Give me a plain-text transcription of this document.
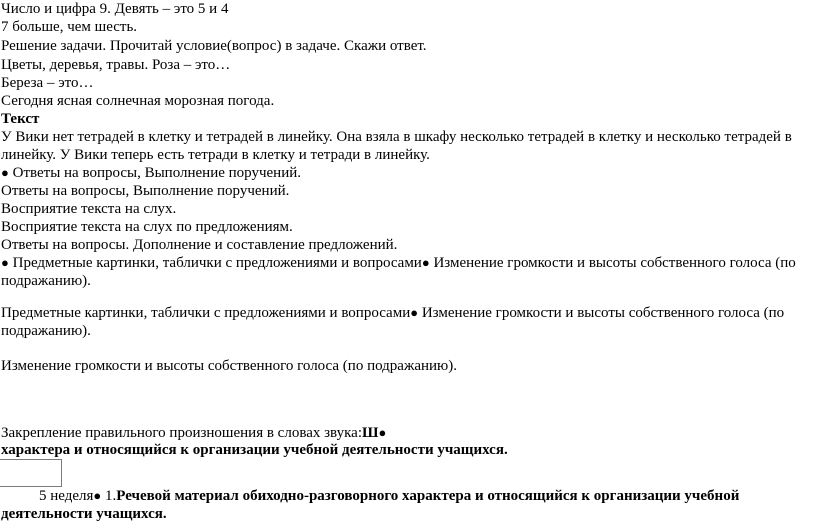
Число и цифра 9. Девять – это 5 и 4
7 больше, чем шесть.
Решение задачи. Прочитай условие(вопрос) в задаче. Скажи ответ.
Цветы, деревья, травы. Роза – это…
Береза – это…
Сегодня ясная солнечная морозная погода.
Текст
У Вики нет тетрадей в клетку и тетрадей в линейку. Она взяла в шкафу несколько тетрадей в клетку и несколько тетрадей в линейку. У Вики теперь есть тетради в клетку и тетради в линейку.
● Ответы на вопросы, Выполнение поручений.
Ответы на вопросы, Выполнение поручений.
Восприятие текста на слух.
Восприятие текста на слух по предложениям.
Ответы на вопросы. Дополнение и составление предложений.
● Предметные картинки, таблички с предложениями и вопросами● Изменение громкости и высоты собственного голоса (по подражанию).
Предметные картинки, таблички с предложениями и вопросами● Изменение громкости и высоты собственного голоса (по подражанию).
Изменение громкости и высоты собственного голоса (по подражанию).
Закрепление правильного произношения в словах звука:Ш●
характера и относящийся к организации учебной деятельности учащихся.
5 неделя● 1.Речевой материал обиходно-разговорного характера и относящийся к организации учебной деятельности учащихся.
